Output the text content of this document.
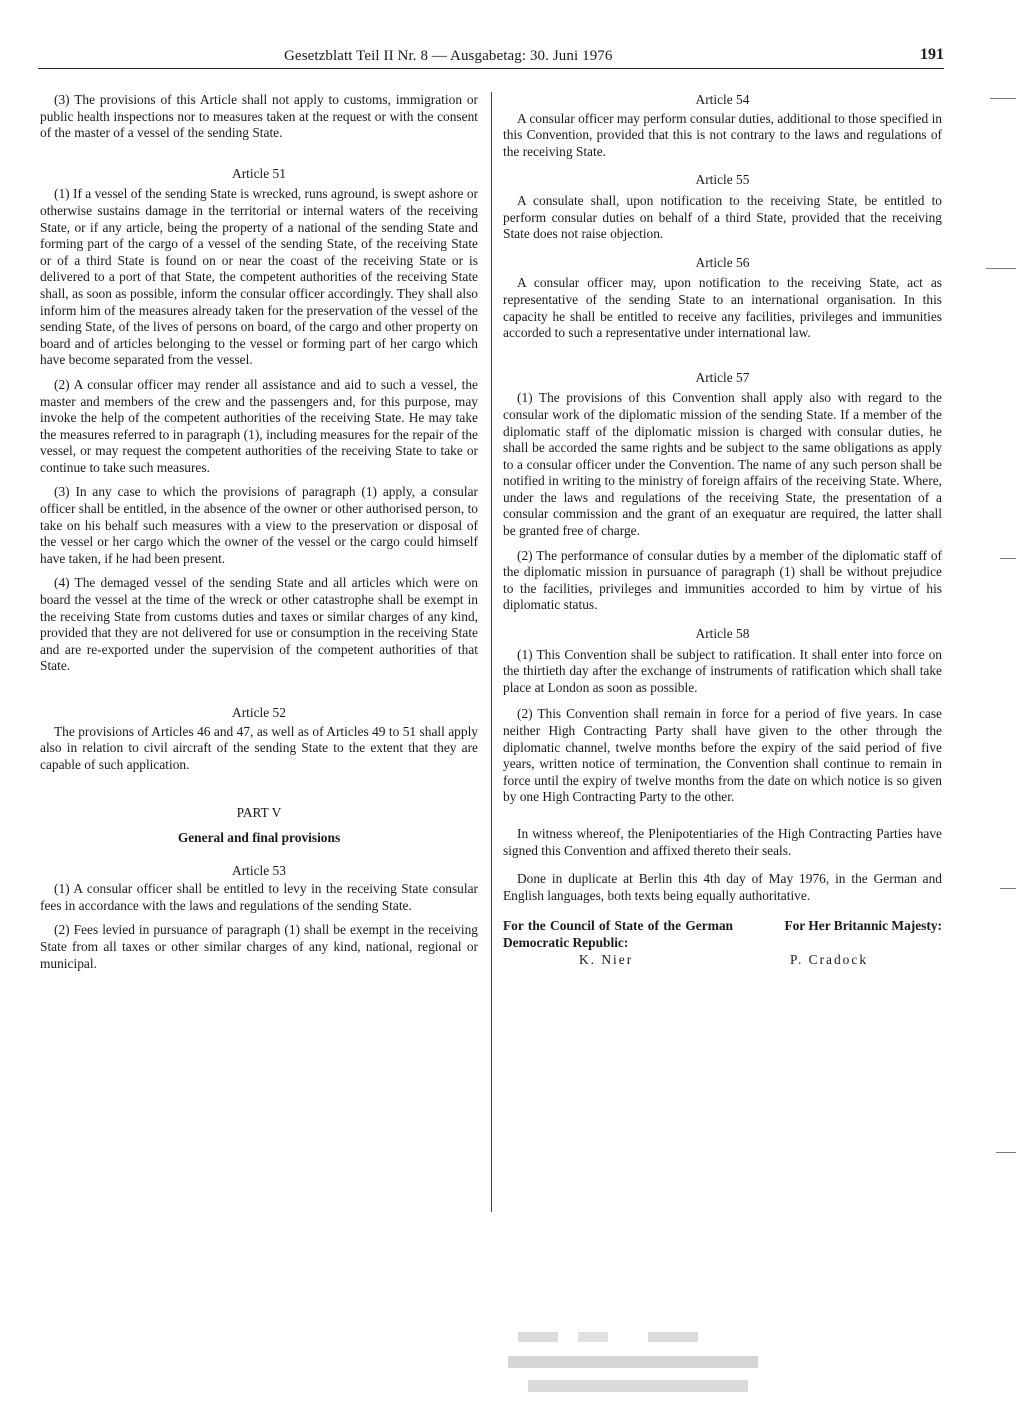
Gesetzblatt Teil II Nr. 8 — Ausgabetag: 30. Juni 1976	191

(3) The provisions of this Article shall not apply to customs, immigration or public health inspections nor to measures taken at the request or with the consent of the master of a vessel of the sending State.

Article 51

(1) If a vessel of the sending State is wrecked, runs aground, is swept ashore or otherwise sustains damage in the territorial or internal waters of the receiving State, or if any article, being the property of a national of the sending State and forming part of the cargo of a vessel of the sending State, of the receiving State or of a third State is found on or near the coast of the receiving State or is delivered to a port of that State, the competent authorities of the receiving State shall, as soon as possible, inform the consular officer accordingly. They shall also inform him of the measures already taken for the preservation of the vessel of the sending State, of the lives of persons on board, of the cargo and other property on board and of articles belonging to the vessel or forming part of her cargo which have become separated from the vessel.

(2) A consular officer may render all assistance and aid to such a vessel, the master and members of the crew and the passengers and, for this purpose, may invoke the help of the competent authorities of the receiving State. He may take the measures referred to in paragraph (1), including measures for the repair of the vessel, or may request the competent authorities of the receiving State to take or continue to take such measures.

(3) In any case to which the provisions of paragraph (1) apply, a consular officer shall be entitled, in the absence of the owner or other authorised person, to take on his behalf such measures with a view to the preservation or disposal of the vessel or her cargo which the owner of the vessel or the cargo could himself have taken, if he had been present.

(4) The demaged vessel of the sending State and all articles which were on board the vessel at the time of the wreck or other catastrophe shall be exempt in the receiving State from customs duties and taxes or similar charges of any kind, provided that they are not delivered for use or consumption in the receiving State and are re-exported under the supervision of the competent authorities of that State.

Article 52

The provisions of Articles 46 and 47, as well as of Articles 49 to 51 shall apply also in relation to civil aircraft of the sending State to the extent that they are capable of such application.

PART V

General and final provisions

Article 53

(1) A consular officer shall be entitled to levy in the receiving State consular fees in accordance with the laws and regulations of the sending State.

(2) Fees levied in pursuance of paragraph (1) shall be exempt in the receiving State from all taxes or other similar charges of any kind, national, regional or municipal.

Article 54

A consular officer may perform consular duties, additional to those specified in this Convention, provided that this is not contrary to the laws and regulations of the receiving State.

Article 55

A consulate shall, upon notification to the receiving State, be entitled to perform consular duties on behalf of a third State, provided that the receiving State does not raise objection.

Article 56

A consular officer may, upon notification to the receiving State, act as representative of the sending State to an international organisation. In this capacity he shall be entitled to receive any facilities, privileges and immunities accorded to such a representative under international law.

Article 57

(1) The provisions of this Convention shall apply also with regard to the consular work of the diplomatic mission of the sending State. If a member of the diplomatic staff of the diplomatic mission is charged with consular duties, he shall be accorded the same rights and be subject to the same obligations as apply to a consular officer under the Convention. The name of any such person shall be notified in writing to the ministry of foreign affairs of the receiving State. Where, under the laws and regulations of the receiving State, the presentation of a consular commission and the grant of an exequatur are required, the latter shall be granted free of charge.

(2) The performance of consular duties by a member of the diplomatic staff of the diplomatic mission in pursuance of paragraph (1) shall be without prejudice to the facilities, privileges and immunities accorded to him by virtue of his diplomatic status.

Article 58

(1) This Convention shall be subject to ratification. It shall enter into force on the thirtieth day after the exchange of instruments of ratification which shall take place at London as soon as possible.

(2) This Convention shall remain in force for a period of five years. In case neither High Contracting Party shall have given to the other through the diplomatic channel, twelve months before the expiry of the said period of five years, written notice of termination, the Convention shall continue to remain in force until the expiry of twelve months from the date on which notice is so given by one High Contracting Party to the other.

In witness whereof, the Plenipotentiaries of the High Contracting Parties have signed this Convention and affixed thereto their seals.

Done in duplicate at Berlin this 4th day of May 1976, in the German and English languages, both texts being equally authoritative.

For the Council of State of the German Democratic Republic:
For Her Britannic Majesty:
K. Nier	P. Cradock
